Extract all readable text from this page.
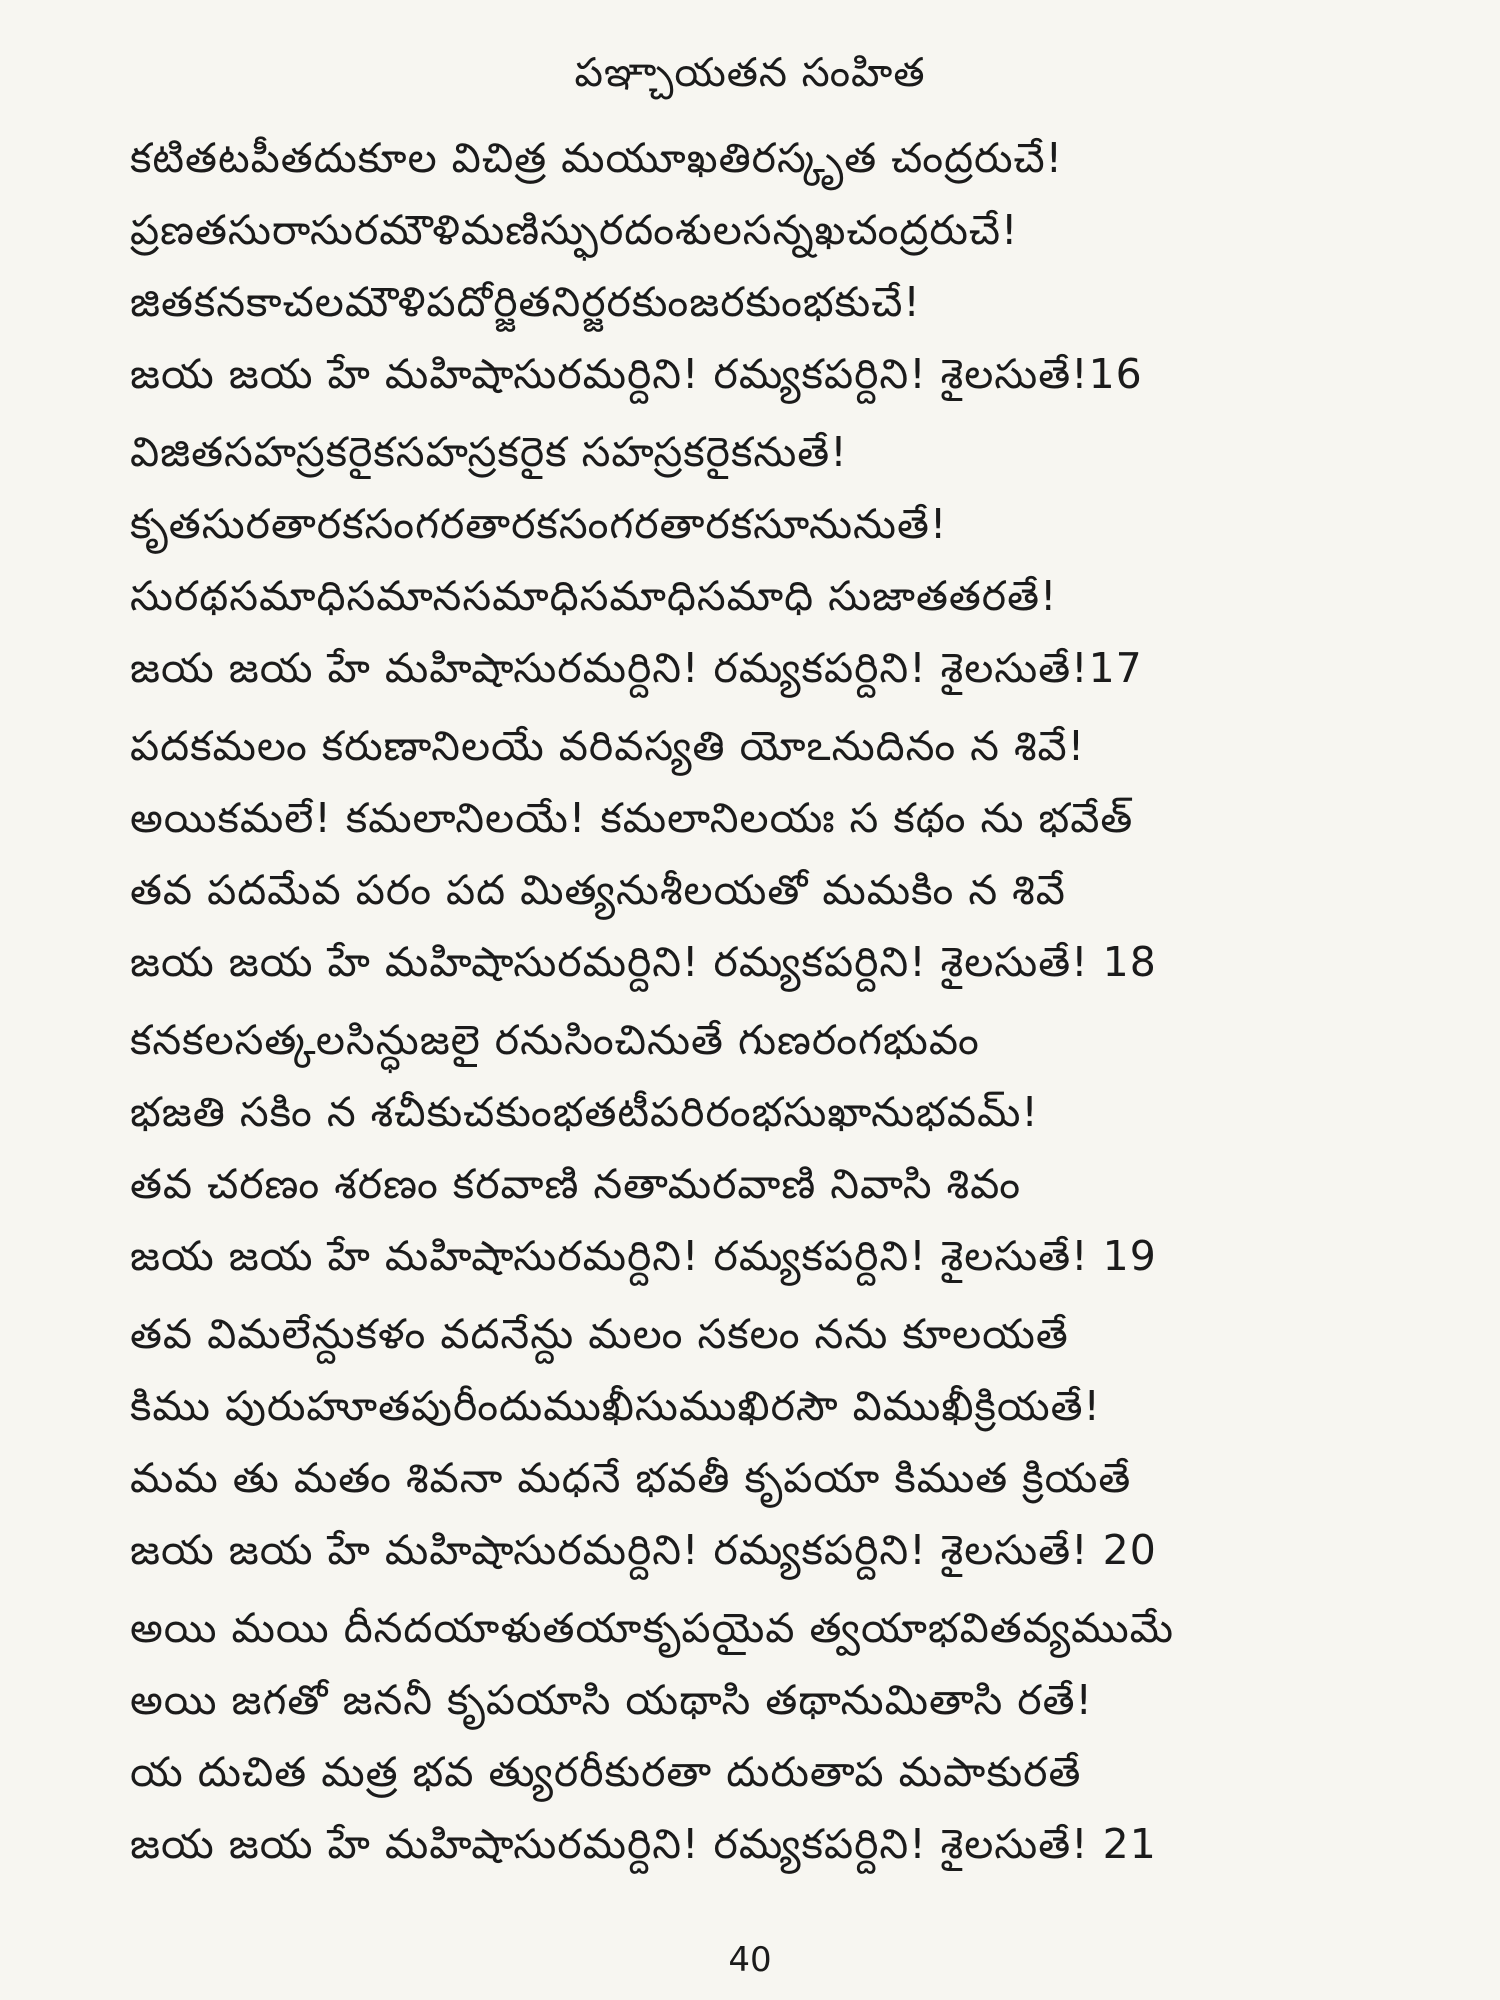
పఞ్చాయతన సంహిత
కటితటపీతదుకూల విచిత్ర మయూఖతిరస్కృత చంద్రరుచే!
ప్రణతసురాసురమౌళిమణిస్ఫురదంశులసన్నఖచంద్రరుచే!
జితకనకాచలమౌళిపదోర్జితనిర్జరకుంజరకుంభకుచే!
జయ జయ హే మహిషాసురమర్దిని! రమ్యకపర్దిని! శైలసుతే!16
విజితసహస్రకరైకసహస్రకరైక సహస్రకరైకనుతే!
కృతసురతారకసంగరతారకసంగరతారకసూనునుతే!
సురథసమాధిసమానసమాధిసమాధిసమాధి సుజాతతరతే!
జయ జయ హే మహిషాసురమర్దిని! రమ్యకపర్దిని! శైలసుతే!17
పదకమలం కరుణానిలయే వరివస్యతి యోఽనుదినం న శివే!
అయికమలే! కమలానిలయే! కమలానిలయః స కథం ను భవేత్
తవ పదమేవ పరం పద మిత్యనుశీలయతో మమకిం న శివే
జయ జయ హే మహిషాసురమర్దిని! రమ్యకపర్దిని! శైలసుతే! 18
కనకలసత్కలసిన్ధుజలై రనుసించినుతే గుణరంగభువం
భజతి సకిం న శచీకుచకుంభతటీపరిరంభసుఖానుభవమ్!
తవ చరణం శరణం కరవాణి నతామరవాణి నివాసి శివం
జయ జయ హే మహిషాసురమర్దిని! రమ్యకపర్దిని! శైలసుతే! 19
తవ విమలేన్దుకళం వదనేన్దు మలం సకలం నను కూలయతే
కిము పురుహూతపురీందుముఖీసుముఖిరసౌ విముఖీక్రియతే!
మమ తు మతం శివనా మధనే భవతీ కృపయా కిముత క్రియతే
జయ జయ హే మహిషాసురమర్దిని! రమ్యకపర్దిని! శైలసుతే! 20
అయి మయి దీనదయాళుతయాకృపయైవ త్వయాభవితవ్యముమే
అయి జగతో జననీ కృపయాసి యథాసి తథానుమితాసి రతే!
య దుచిత మత్ర భవ త్యురరీకురతా దురుతాప మపాకురతే
జయ జయ హే మహిషాసురమర్దిని! రమ్యకపర్దిని! శైలసుతే! 21
40
